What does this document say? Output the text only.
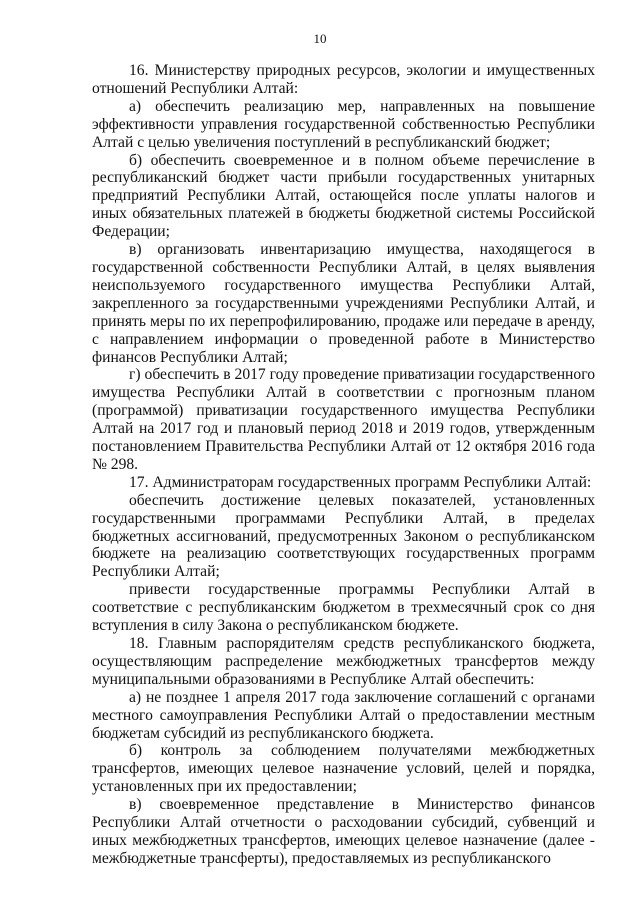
10

16. Министерству природных ресурсов, экологии и имущественных отношений Республики Алтай:

а) обеспечить реализацию мер, направленных на повышение эффективности управления государственной собственностью Республики Алтай с целью увеличения поступлений в республиканский бюджет;

б) обеспечить своевременное и в полном объеме перечисление в республиканский бюджет части прибыли государственных унитарных предприятий Республики Алтай, остающейся после уплаты налогов и иных обязательных платежей в бюджеты бюджетной системы Российской Федерации;

в) организовать инвентаризацию имущества, находящегося в государственной собственности Республики Алтай, в целях выявления неиспользуемого государственного имущества Республики Алтай, закрепленного за государственными учреждениями Республики Алтай, и принять меры по их перепрофилированию, продаже или передаче в аренду, с направлением информации о проведенной работе в Министерство финансов Республики Алтай;

г) обеспечить в 2017 году проведение приватизации государственного имущества Республики Алтай в соответствии с прогнозным планом (программой) приватизации государственного имущества Республики Алтай на 2017 год и плановый период 2018 и 2019 годов, утвержденным постановлением Правительства Республики Алтай от 12 октября 2016 года № 298.

17. Администраторам государственных программ Республики Алтай:

обеспечить достижение целевых показателей, установленных государственными программами Республики Алтай, в пределах бюджетных ассигнований, предусмотренных Законом о республиканском бюджете на реализацию соответствующих государственных программ Республики Алтай;

привести государственные программы Республики Алтай в соответствие с республиканским бюджетом в трехмесячный срок со дня вступления в силу Закона о республиканском бюджете.

18. Главным распорядителям средств республиканского бюджета, осуществляющим распределение межбюджетных трансфертов между муниципальными образованиями в Республике Алтай обеспечить:

а) не позднее 1 апреля 2017 года заключение соглашений с органами местного самоуправления Республики Алтай о предоставлении местным бюджетам субсидий из республиканского бюджета.

б) контроль за соблюдением получателями межбюджетных трансфертов, имеющих целевое назначение условий, целей и порядка, установленных при их предоставлении;

в) своевременное представление в Министерство финансов Республики Алтай отчетности о расходовании субсидий, субвенций и иных межбюджетных трансфертов, имеющих целевое назначение (далее - межбюджетные трансферты), предоставляемых из республиканского
